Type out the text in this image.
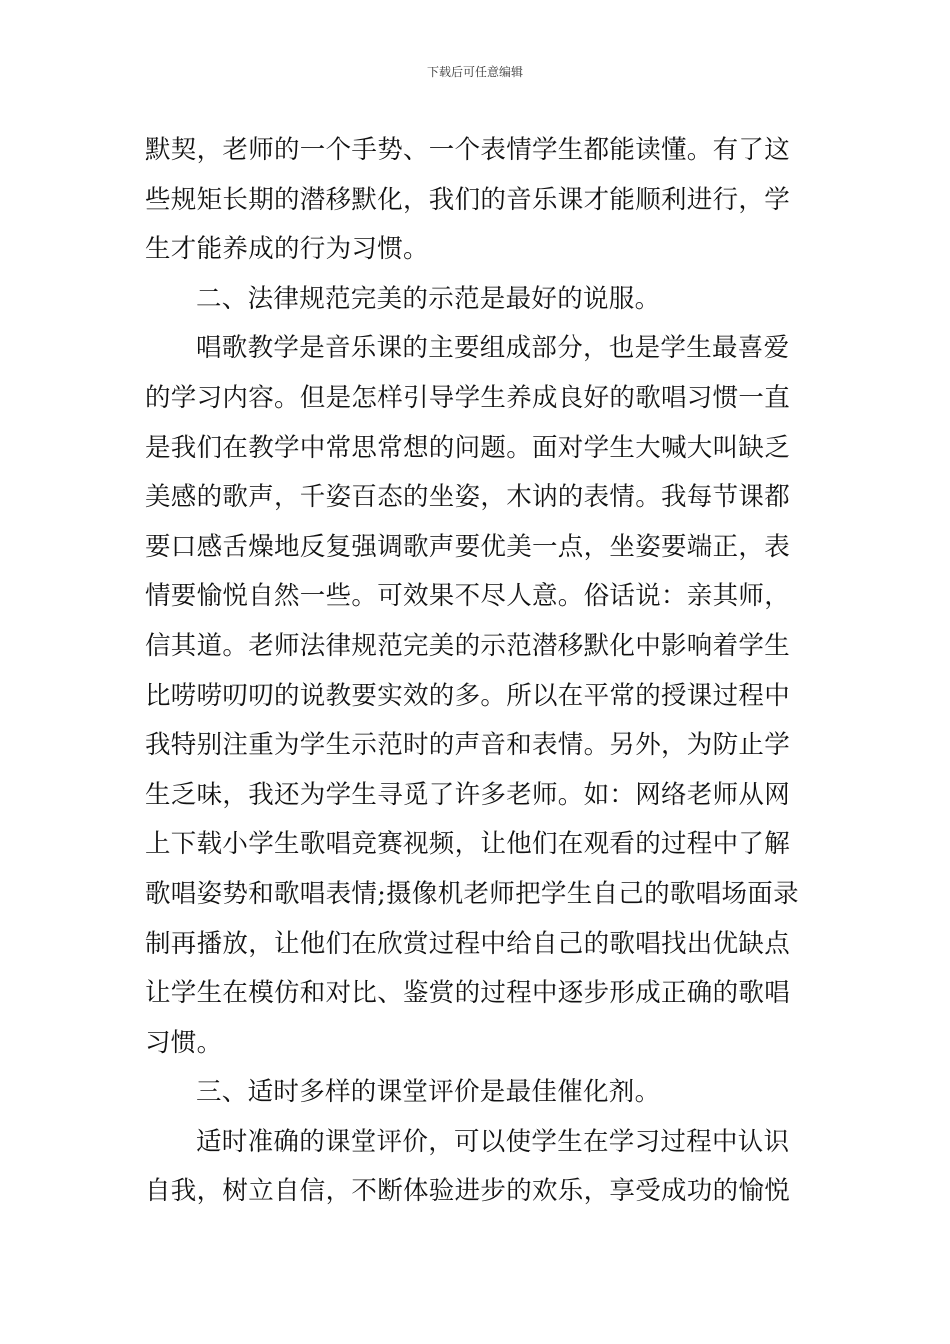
下载后可任意编辑
默契，老师的一个手势、一个表情学生都能读懂。有了这
些规矩长期的潜移默化，我们的音乐课才能顺利进行，学
生才能养成的行为习惯。
二、法律规范完美的示范是最好的说服。
唱歌教学是音乐课的主要组成部分，也是学生最喜爱
的学习内容。但是怎样引导学生养成良好的歌唱习惯一直
是我们在教学中常思常想的问题。面对学生大喊大叫缺乏
美感的歌声，千姿百态的坐姿，木讷的表情。我每节课都
要口感舌燥地反复强调歌声要优美一点，坐姿要端正，表
情要愉悦自然一些。可效果不尽人意。俗话说：亲其师，
信其道。老师法律规范完美的示范潜移默化中影响着学生
比唠唠叨叨的说教要实效的多。所以在平常的授课过程中
我特别注重为学生示范时的声音和表情。另外，为防止学
生乏味，我还为学生寻觅了许多老师。如：网络老师从网
上下载小学生歌唱竞赛视频，让他们在观看的过程中了解
歌唱姿势和歌唱表情;摄像机老师把学生自己的歌唱场面录
制再播放，让他们在欣赏过程中给自己的歌唱找出优缺点
让学生在模仿和对比、鉴赏的过程中逐步形成正确的歌唱
习惯。
三、适时多样的课堂评价是最佳催化剂。
适时准确的课堂评价，可以使学生在学习过程中认识
自我，树立自信，不断体验进步的欢乐，享受成功的愉悦
